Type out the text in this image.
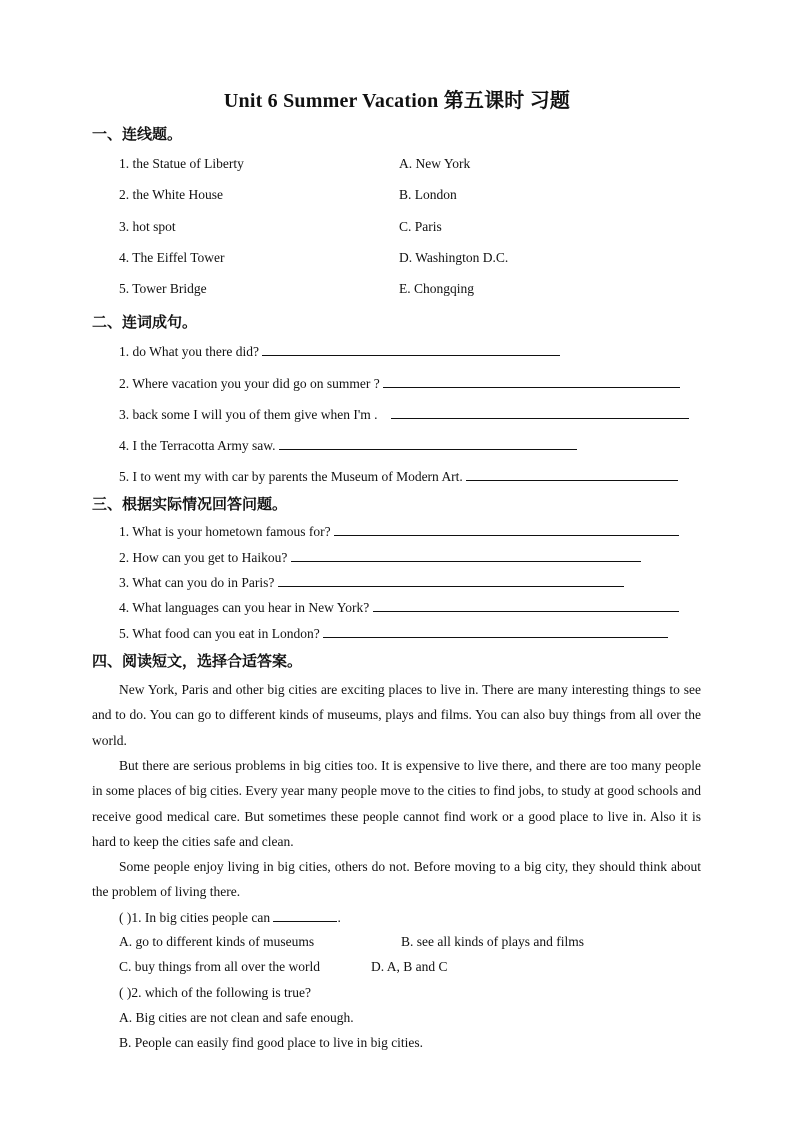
Unit 6 Summer Vacation 第五课时 习题
一、连线题。
1. the Statue of Liberty	A. New York
2. the White House	B. London
3. hot spot	C. Paris
4. The Eiffel Tower	D. Washington D.C.
5. Tower Bridge	E. Chongqing
二、连词成句。
1. do What you there did?
2. Where vacation you your did go on summer ?
3. back some I will you of them give when I'm .
4. I the Terracotta Army saw.
5. I to went my with car by parents the Museum of Modern Art.
三、根据实际情况回答问题。
1. What is your hometown famous for?
2. How can you get to Haikou?
3. What can you do in Paris?
4. What languages can you hear in New York?
5. What food can you eat in London?
四、阅读短文，选择合适答案。
New York, Paris and other big cities are exciting places to live in. There are many interesting things to see and to do. You can go to different kinds of museums, plays and films. You can also buy things from all over the world.
But there are serious problems in big cities too. It is expensive to live there, and there are too many people in some places of big cities. Every year many people move to the cities to find jobs, to study at good schools and receive good medical care. But sometimes these people cannot find work or a good place to live in. Also it is hard to keep the cities safe and clean.
Some people enjoy living in big cities, others do not. Before moving to a big city, they should think about the problem of living there.
( )1. In big cities people can	.
A. go to different kinds of museums	B. see all kinds of plays and films
C. buy things from all over the world	D. A, B and C
( )2. which of the following is true?
A. Big cities are not clean and safe enough.
B. People can easily find good place to live in big cities.
